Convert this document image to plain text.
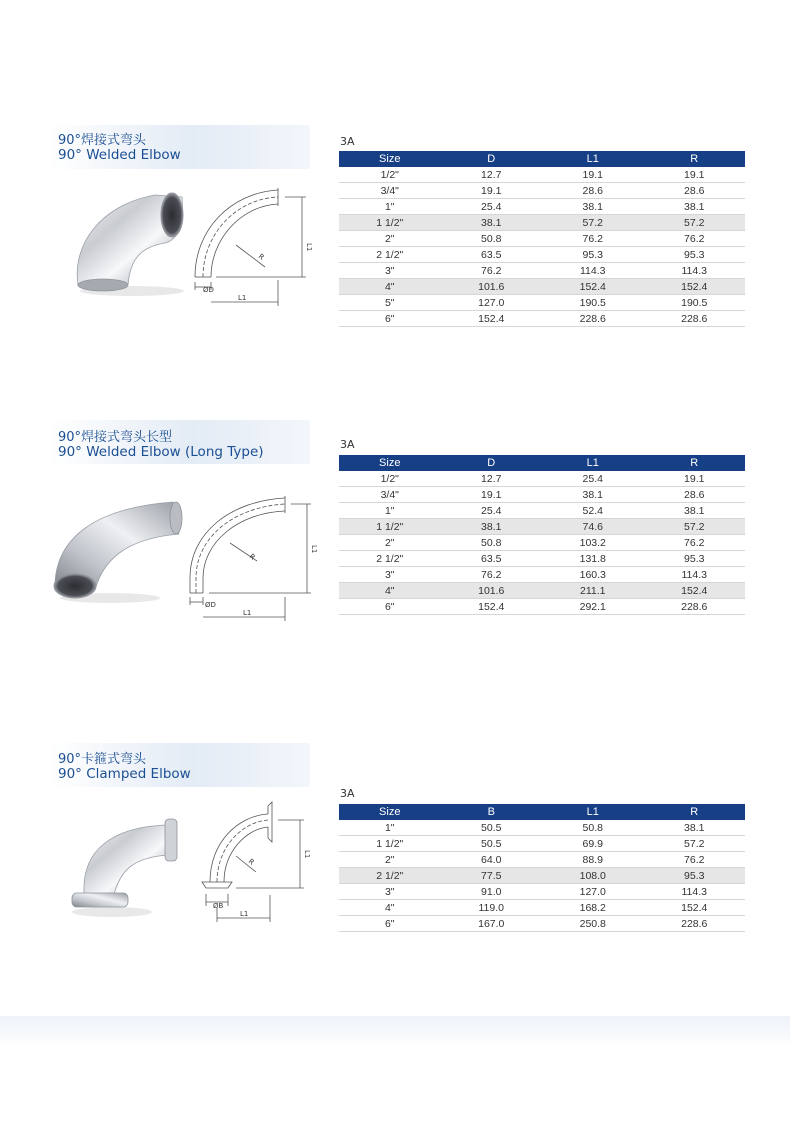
90°焊接式弯头
90° Welded Elbow
ØD
L1
L1
R
3A
Size	D	L1	R
1/2"	12.7	19.1	19.1
3/4"	19.1	28.6	28.6
1"	25.4	38.1	38.1
1 1/2"	38.1	57.2	57.2
2"	50.8	76.2	76.2
2 1/2"	63.5	95.3	95.3
3"	76.2	114.3	114.3
4"	101.6	152.4	152.4
5"	127.0	190.5	190.5
6"	152.4	228.6	228.6
90°焊接式弯头长型
90° Welded Elbow (Long Type)
ØD
L1
L1
R
3A
Size	D	L1	R
1/2"	12.7	25.4	19.1
3/4"	19.1	38.1	28.6
1"	25.4	52.4	38.1
1 1/2"	38.1	74.6	57.2
2"	50.8	103.2	76.2
2 1/2"	63.5	131.8	95.3
3"	76.2	160.3	114.3
4"	101.6	211.1	152.4
6"	152.4	292.1	228.6
90°卡箍式弯头
90° Clamped Elbow
ØB
L1
L1
R
3A
Size	B	L1	R
1"	50.5	50.8	38.1
1 1/2"	50.5	69.9	57.2
2"	64.0	88.9	76.2
2 1/2"	77.5	108.0	95.3
3"	91.0	127.0	114.3
4"	119.0	168.2	152.4
6"	167.0	250.8	228.6
